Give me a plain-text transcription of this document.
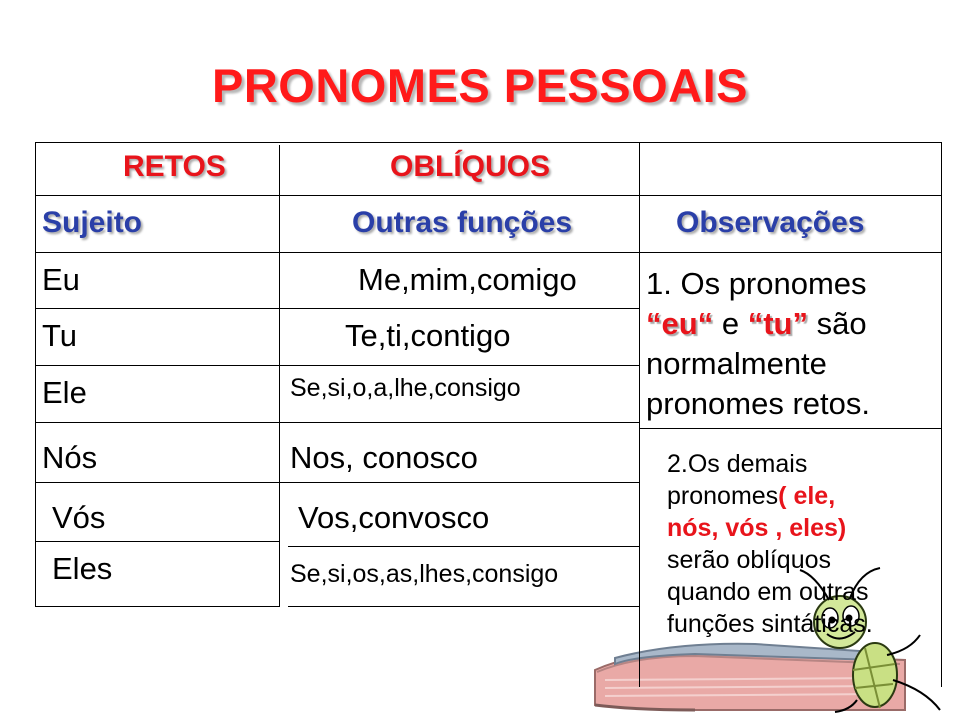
PRONOMES PESSOAIS
RETOS	OBLÍQUOS
Sujeito	Outras funções	Observações
Eu	Me,mim,comigo
Tu	Te,ti,contigo
Ele	Se,si,o,a,lhe,consigo
Nós	Nos, conosco
Vós	Vos,convosco
Eles	Se,si,os,as,lhes,consigo
1. Os pronomes
“eu“ e “tu” são
normalmente
pronomes retos.
2.Os demais
pronomes( ele,
nós, vós , eles)
serão oblíquos
quando em outras
funções sintáticas.
